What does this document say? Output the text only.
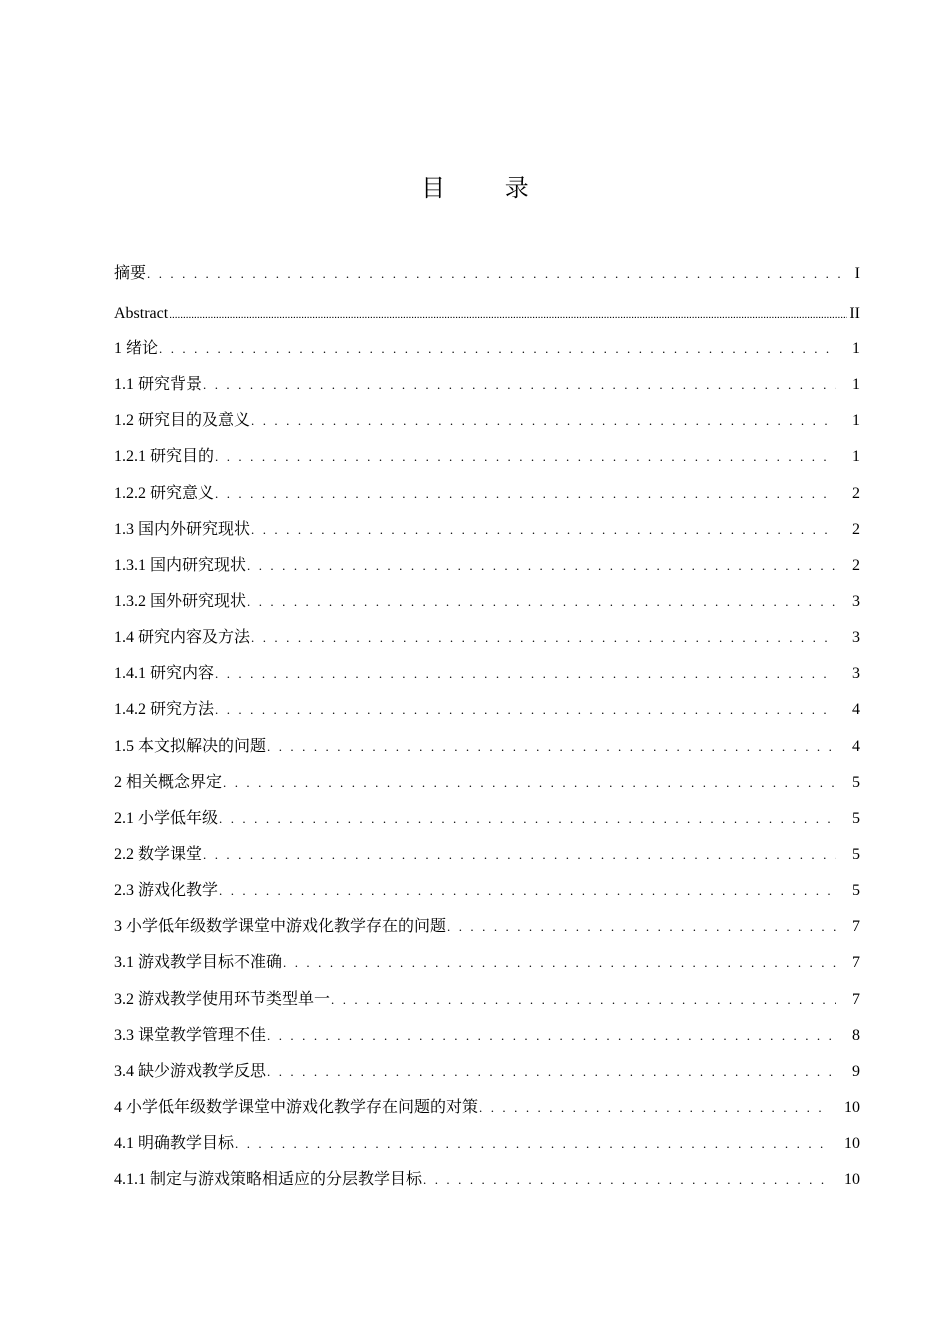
目 录
摘要 . . .	I
Abstract .....	II
1 绪论 . . .	1
1.1 研究背景 . . .	1
1.2 研究目的及意义 . . .	1
1.2.1 研究目的 . . .	1
1.2.2 研究意义 . . .	2
1.3 国内外研究现状 . . .	2
1.3.1 国内研究现状 . . .	2
1.3.2 国外研究现状 . . .	3
1.4 研究内容及方法 . . .	3
1.4.1 研究内容 . . .	3
1.4.2 研究方法 . . .	4
1.5 本文拟解决的问题 . . .	4
2 相关概念界定 . . .	5
2.1 小学低年级 . . .	5
2.2 数学课堂 . . .	5
2.3 游戏化教学 . . .	5
3 小学低年级数学课堂中游戏化教学存在的问题 . . .	7
3.1 游戏教学目标不准确 . . .	7
3.2 游戏教学使用环节类型单一 . . .	7
3.3 课堂教学管理不佳 . . .	8
3.4 缺少游戏教学反思 . . .	9
4 小学低年级数学课堂中游戏化教学存在问题的对策 . . .	10
4.1 明确教学目标 . . .	10
4.1.1 制定与游戏策略相适应的分层教学目标 . . .	10
